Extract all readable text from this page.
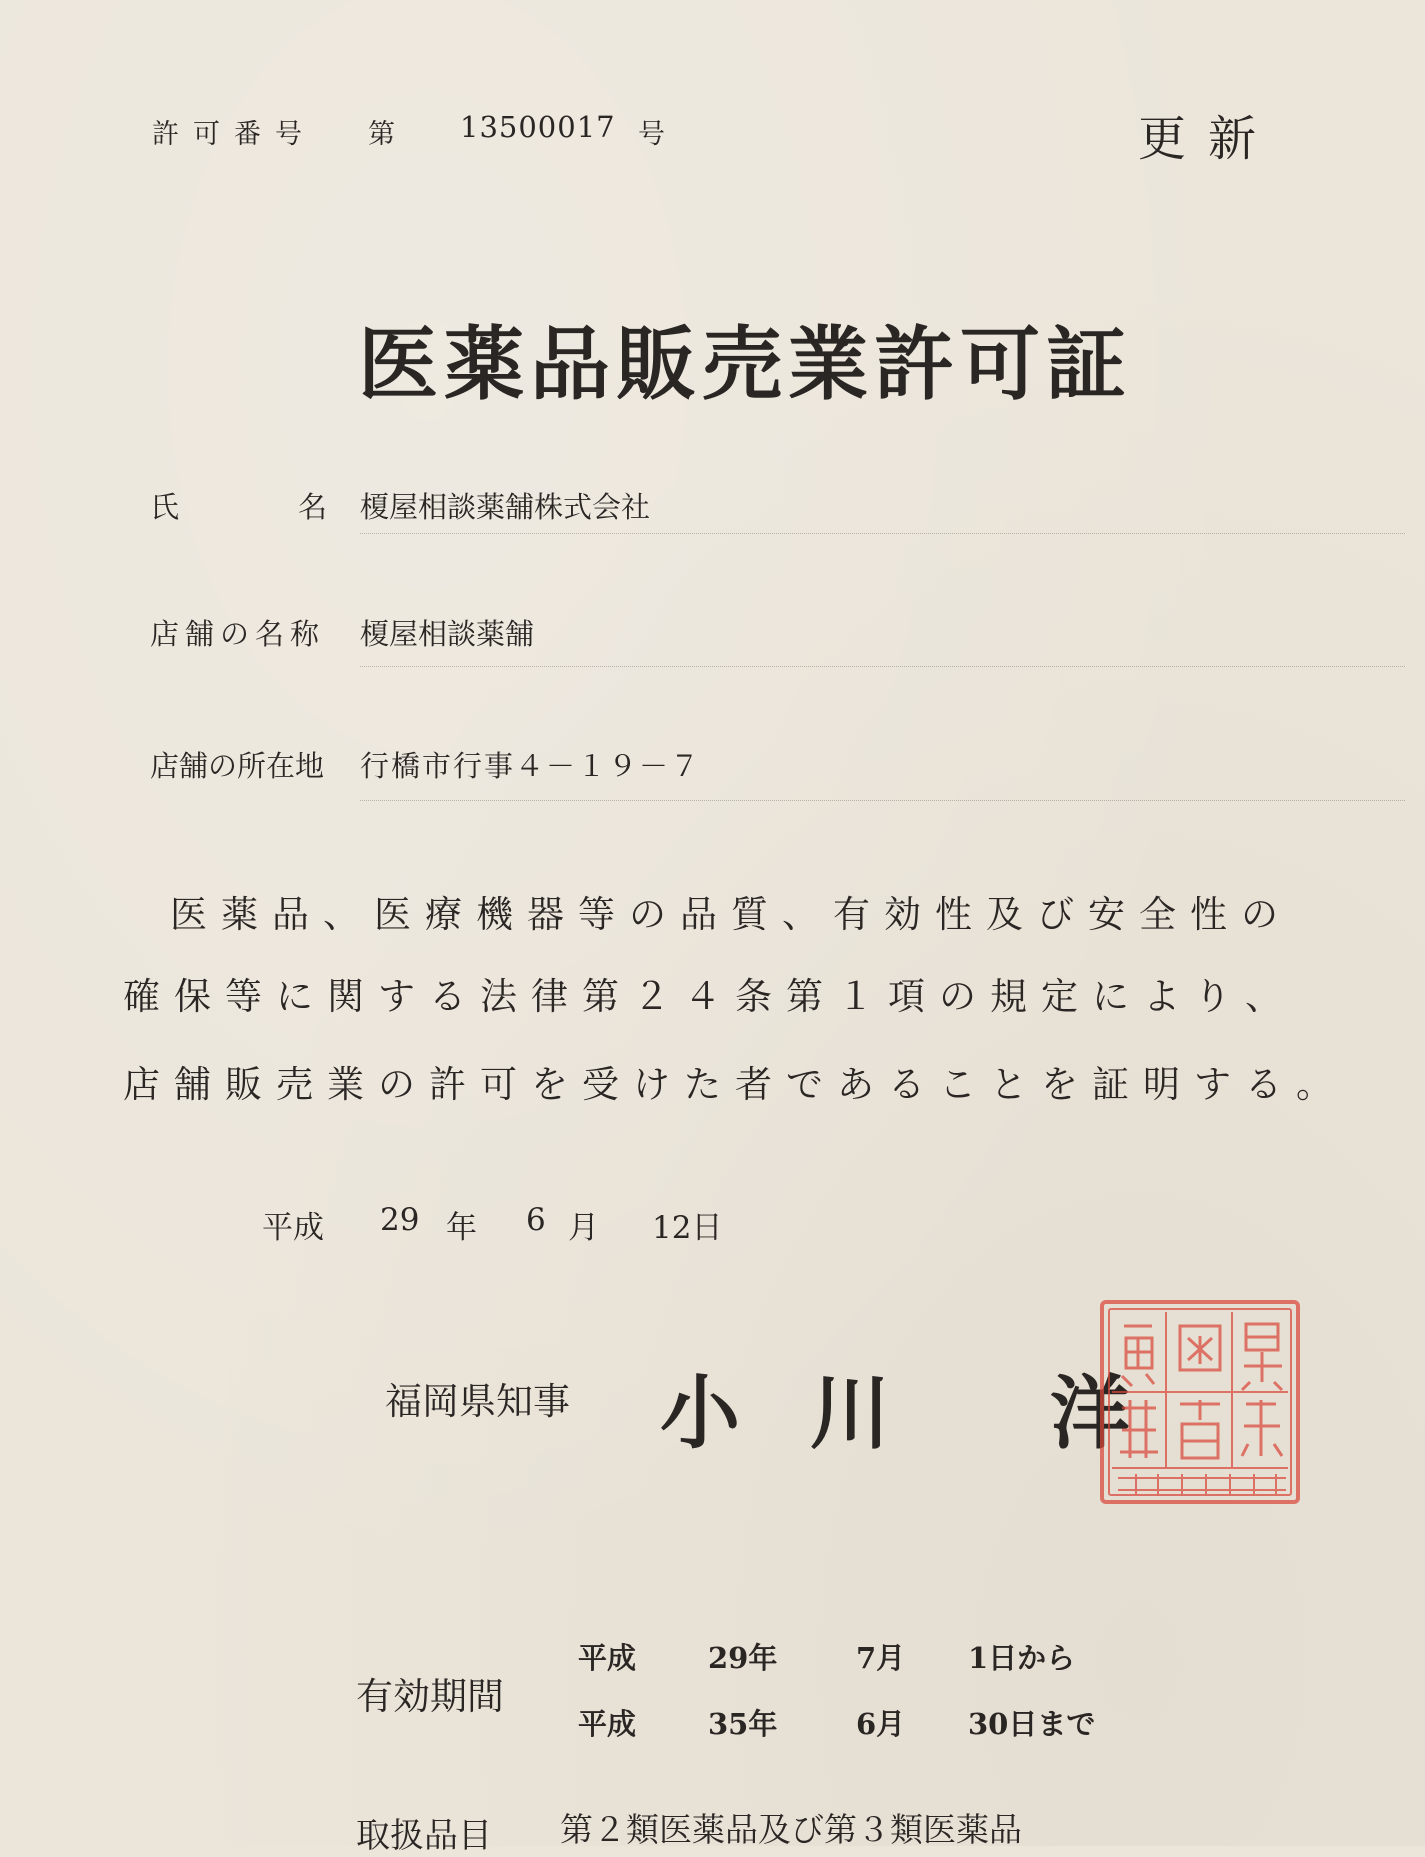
許可番号 第 13500017 号	更新
医薬品販売業許可証
氏	名 榎屋相談薬舗株式会社
店舗の名称 榎屋相談薬舗
店舗の所在地 行橋市行事４－１９－７
医薬品、医療機器等の品質、有効性及び安全性の
確保等に関する法律第２４条第１項の規定により、
店舗販売業の許可を受けた者であることを証明する。
平成 29 年 6 月 12日
福岡県知事 小 川 洋
有効期間
平成 29年	7月 1日から
平成 35年	6月 30日まで
取扱品目 第２類医薬品及び第３類医薬品
